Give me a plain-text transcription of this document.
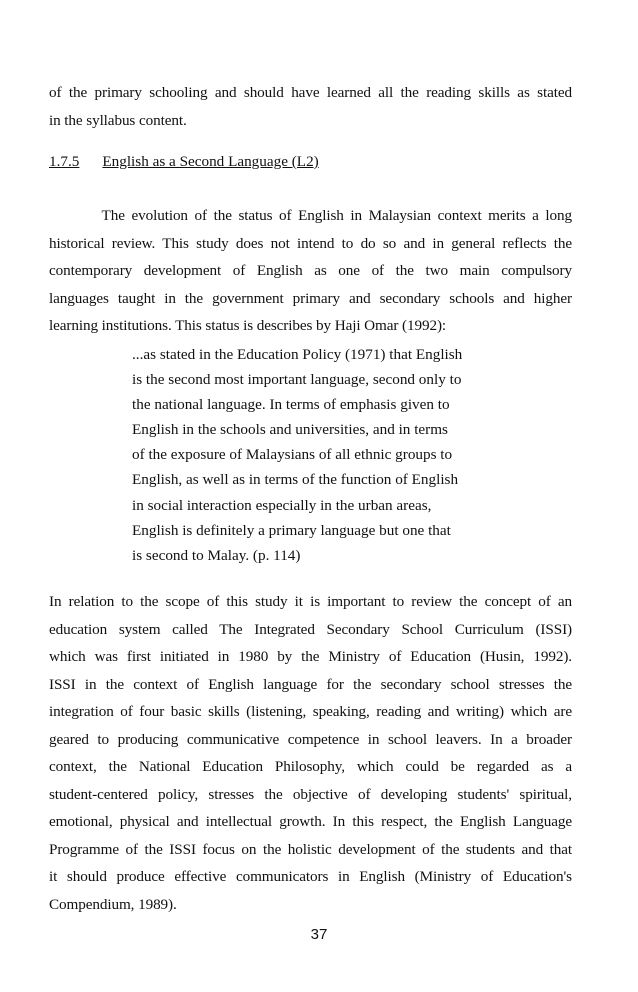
of the primary schooling and should have learned all the reading skills as stated
in the syllabus content.
1.7.5 English as a Second Language (L2)
The evolution of the status of English in Malaysian context merits a long
historical review. This study does not intend to do so and in general reflects the
contemporary development of English as one of the two main compulsory
languages taught in the government primary and secondary schools and higher
learning institutions. This status is describes by Haji Omar (1992):
...as stated in the Education Policy (1971) that English
is the second most important language, second only to
the national language. In terms of emphasis given to
English in the schools and universities, and in terms
of the exposure of Malaysians of all ethnic groups to
English, as well as in terms of the function of English
in social interaction especially in the urban areas,
English is definitely a primary language but one that
is second to Malay. (p. 114)
In relation to the scope of this study it is important to review the concept of an
education system called The Integrated Secondary School Curriculum (ISSI)
which was first initiated in 1980 by the Ministry of Education (Husin, 1992).
ISSI in the context of English language for the secondary school stresses the
integration of four basic skills (listening, speaking, reading and writing) which are
geared to producing communicative competence in school leavers. In a broader
context, the National Education Philosophy, which could be regarded as a
student-centered policy, stresses the objective of developing students' spiritual,
emotional, physical and intellectual growth. In this respect, the English Language
Programme of the ISSI focus on the holistic development of the students and that
it should produce effective communicators in English (Ministry of Education's
Compendium, 1989).
37
